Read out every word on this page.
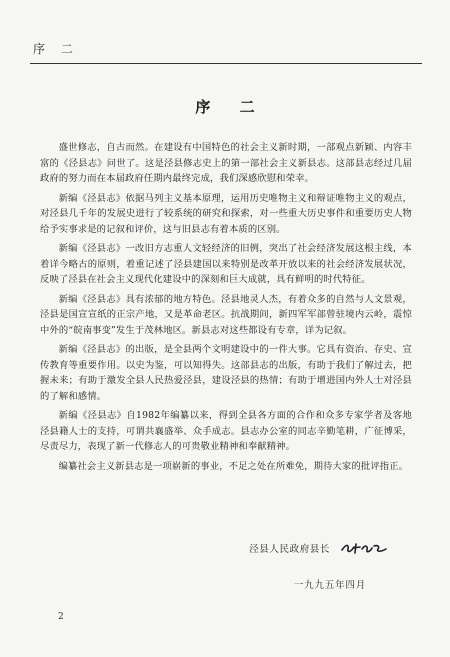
序 二
序 二

盛世修志，自古而然。在建设有中国特色的社会主义新时期，一部观点新颖、内容丰富的《泾县志》问世了。这是泾县修志史上的第一部社会主义新县志。这部县志经过几届政府的努力而在本届政府任期内最终完成，我们深感欣慰和荣幸。

新编《泾县志》依据马列主义基本原理，运用历史唯物主义和辩证唯物主义的观点，对泾县几千年的发展史进行了较系统的研究和探索，对一些重大历史事件和重要历史人物给予实事求是的记叙和评价，这与旧县志有着本质的区别。

新编《泾县志》一改旧方志重人文轻经济的旧例，突出了社会经济发展这根主线，本着详今略古的原则，着重记述了泾县建国以来特别是改革开放以来的社会经济发展状况，反映了泾县在社会主义现代化建设中的深刻和巨大成就，具有鲜明的时代特征。

新编《泾县志》具有浓郁的地方特色。泾县地灵人杰，有着众多的自然与人文景观，泾县是国宣宣纸的正宗产地，又是革命老区。抗战期间，新四军军部曾驻境内云岭，震惊中外的“皖南事变”发生于茂林地区。新县志对这些都设有专章，详为记叙。

新编《泾县志》的出版，是全县两个文明建设中的一件大事。它具有资治、存史、宣传教育等重要作用。以史为鉴，可以知得失。这部县志的出版，有助于我们了解过去，把握未来；有助于激发全县人民热爱泾县，建设泾县的热情；有助于增进国内外人士对泾县的了解和感情。

新编《泾县志》自1982年编纂以来，得到全县各方面的合作和众多专家学者及客地泾县籍人士的支持，可谓共襄盛举、众手成志。县志办公室的同志辛勤笔耕，广征博采，尽责尽力，表现了新一代修志人的可贵敬业精神和奉献精神。

编纂社会主义新县志是一项崭新的事业，不足之处在所难免，期待大家的批评指正。

泾县人民政府县长
一九九五年四月
2
